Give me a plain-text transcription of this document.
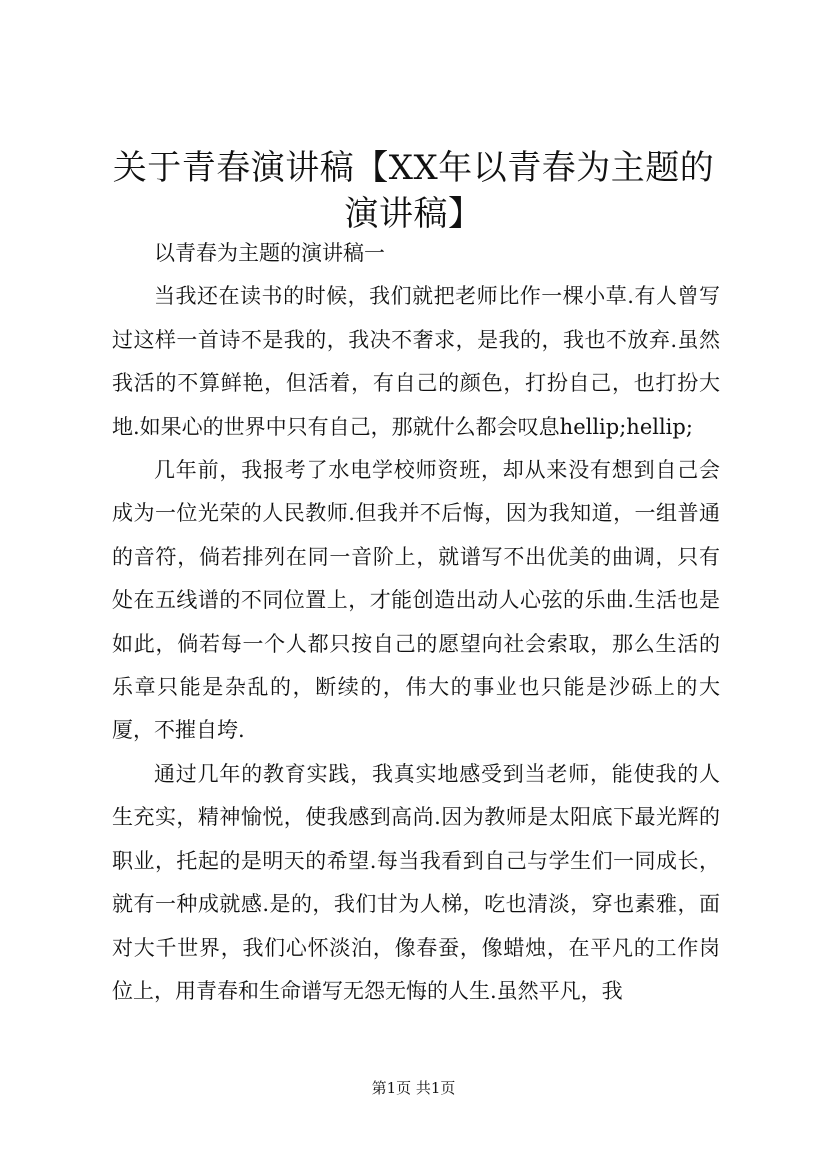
关于青春演讲稿【XX年以青春为主题的演讲稿】

以青春为主题的演讲稿一

当我还在读书的时候，我们就把老师比作一棵小草.有人曾写过这样一首诗不是我的，我决不奢求，是我的，我也不放弃.虽然我活的不算鲜艳，但活着，有自己的颜色，打扮自己，也打扮大地.如果心的世界中只有自己，那就什么都会叹息hellip;hellip;

几年前，我报考了水电学校师资班，却从来没有想到自己会成为一位光荣的人民教师.但我并不后悔，因为我知道，一组普通的音符，倘若排列在同一音阶上，就谱写不出优美的曲调，只有处在五线谱的不同位置上，才能创造出动人心弦的乐曲.生活也是如此，倘若每一个人都只按自己的愿望向社会索取，那么生活的乐章只能是杂乱的，断续的，伟大的事业也只能是沙砾上的大厦，不摧自垮.

通过几年的教育实践，我真实地感受到当老师，能使我的人生充实，精神愉悦，使我感到高尚.因为教师是太阳底下最光辉的职业，托起的是明天的希望.每当我看到自己与学生们一同成长，就有一种成就感.是的，我们甘为人梯，吃也清淡，穿也素雅，面对大千世界，我们心怀淡泊，像春蚕，像蜡烛，在平凡的工作岗位上，用青春和生命谱写无怨无悔的人生.虽然平凡，我

第1页 共1页
